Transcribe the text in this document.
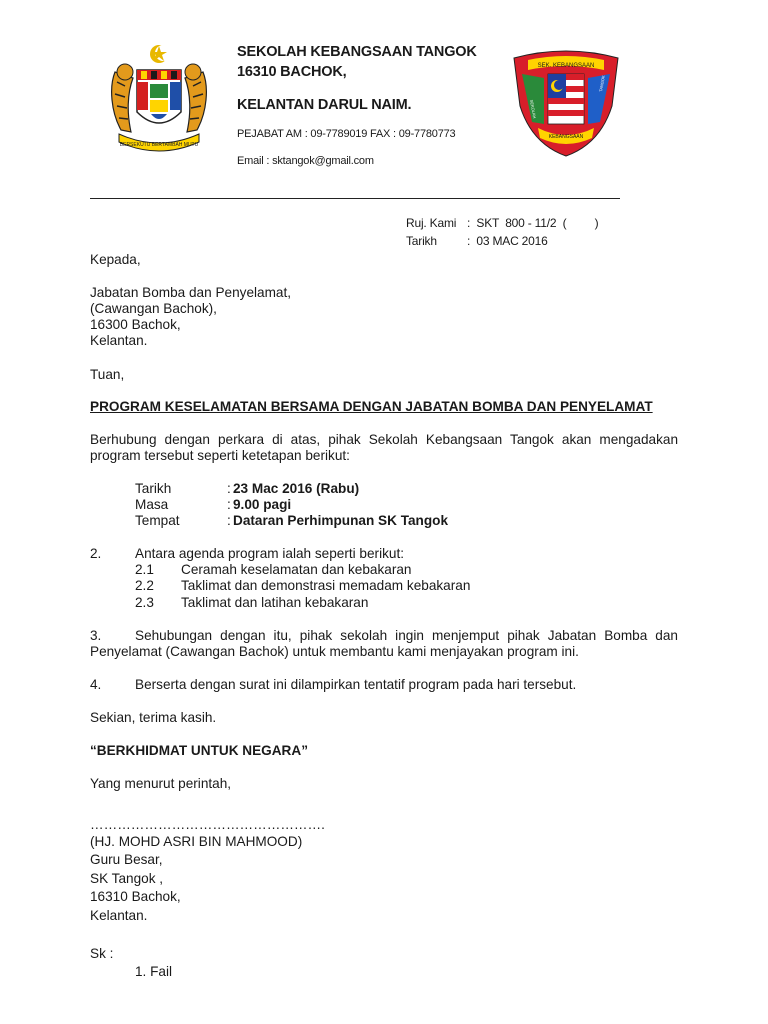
BERSEKUTU BERTAMBAH MUTU
SEKOLAH KEBANGSAAN TANGOK
16310 BACHOK,
KELANTAN DARUL NAIM.
PEJABAT AM : 09-7789019 FAX : 09-7780773
Email : sktangok@gmail.com
SEK. KEBANGSAAN
KEBANGSAAN
SEKOLAH
TANGOK
Ruj. Kami :  SKT  800 - 11/2  (         )
Tarikh	:  03 MAC 2016
Kepada,
Jabatan Bomba dan Penyelamat,
(Cawangan Bachok),
16300 Bachok,
Kelantan.
Tuan,
PROGRAM KESELAMATAN BERSAMA DENGAN JABATAN BOMBA DAN PENYELAMAT
Berhubung dengan perkara di atas, pihak Sekolah Kebangsaan Tangok akan mengadakan program tersebut seperti ketetapan berikut:
Tarikh	: 23 Mac 2016 (Rabu)
Masa	: 9.00 pagi
Tempat	: Dataran Perhimpunan SK Tangok
2. Antara agenda program ialah seperti berikut:
2.1 Ceramah keselamatan dan kebakaran
2.2 Taklimat dan demonstrasi memadam kebakaran
2.3 Taklimat dan latihan kebakaran
3. Sehubungan dengan itu, pihak sekolah ingin menjemput pihak Jabatan Bomba dan
Penyelamat (Cawangan Bachok) untuk membantu kami menjayakan program ini.
4. Berserta dengan surat ini dilampirkan tentatif program pada hari tersebut.
Sekian, terima kasih.
“BERKHIDMAT UNTUK NEGARA”
Yang menurut perintah,
…………………………………………….
(HJ. MOHD ASRI BIN MAHMOOD)
Guru Besar,
SK Tangok ,
16310 Bachok,
Kelantan.
Sk :
1. Fail
